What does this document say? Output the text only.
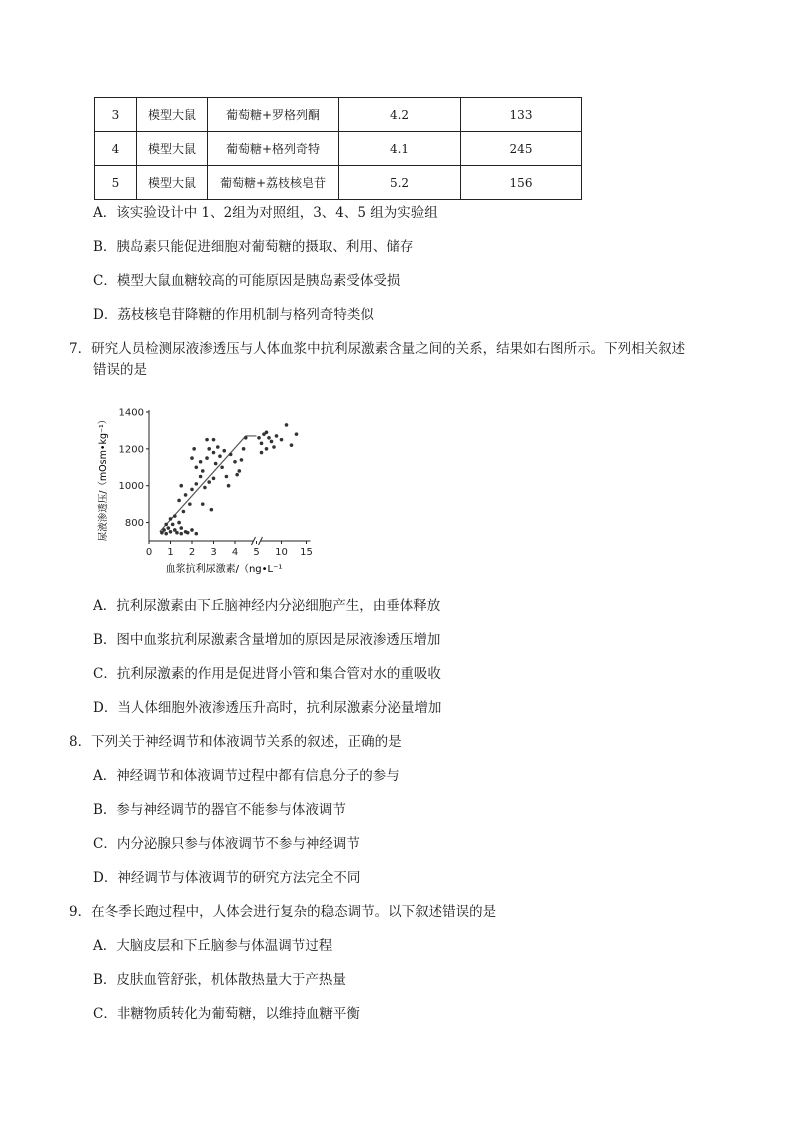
3	模型大鼠	葡萄糖+罗格列酮	4.2	133
4	模型大鼠	葡萄糖+格列奇特	4.1	245
5	模型大鼠	葡萄糖+荔枝核皂苷	5.2	156
A．该实验设计中 1、2组为对照组，3、4、5 组为实验组
B．胰岛素只能促进细胞对葡萄糖的摄取、利用、储存
C．模型大鼠血糖较高的可能原因是胰岛素受体受损
D．荔枝核皂苷降糖的作用机制与格列奇特类似
7．研究人员检测尿液渗透压与人体血浆中抗利尿激素含量之间的关系，结果如右图所示。下列相关叙述
错误的是
800
1000
1200
1400
0 1 2 3 4 5 10 15
尿液渗透压/（mOsm•kg⁻¹）
血浆抗利尿激素/（ng•L⁻¹
A．抗利尿激素由下丘脑神经内分泌细胞产生，由垂体释放
B．图中血浆抗利尿激素含量增加的原因是尿液渗透压增加
C．抗利尿激素的作用是促进肾小管和集合管对水的重吸收
D．当人体细胞外液渗透压升高时，抗利尿激素分泌量增加
8．下列关于神经调节和体液调节关系的叙述，正确的是
A．神经调节和体液调节过程中都有信息分子的参与
B．参与神经调节的器官不能参与体液调节
C．内分泌腺只参与体液调节不参与神经调节
D．神经调节与体液调节的研究方法完全不同
9．在冬季长跑过程中，人体会进行复杂的稳态调节。以下叙述错误的是
A．大脑皮层和下丘脑参与体温调节过程
B．皮肤血管舒张，机体散热量大于产热量
C．非糖物质转化为葡萄糖，以维持血糖平衡
